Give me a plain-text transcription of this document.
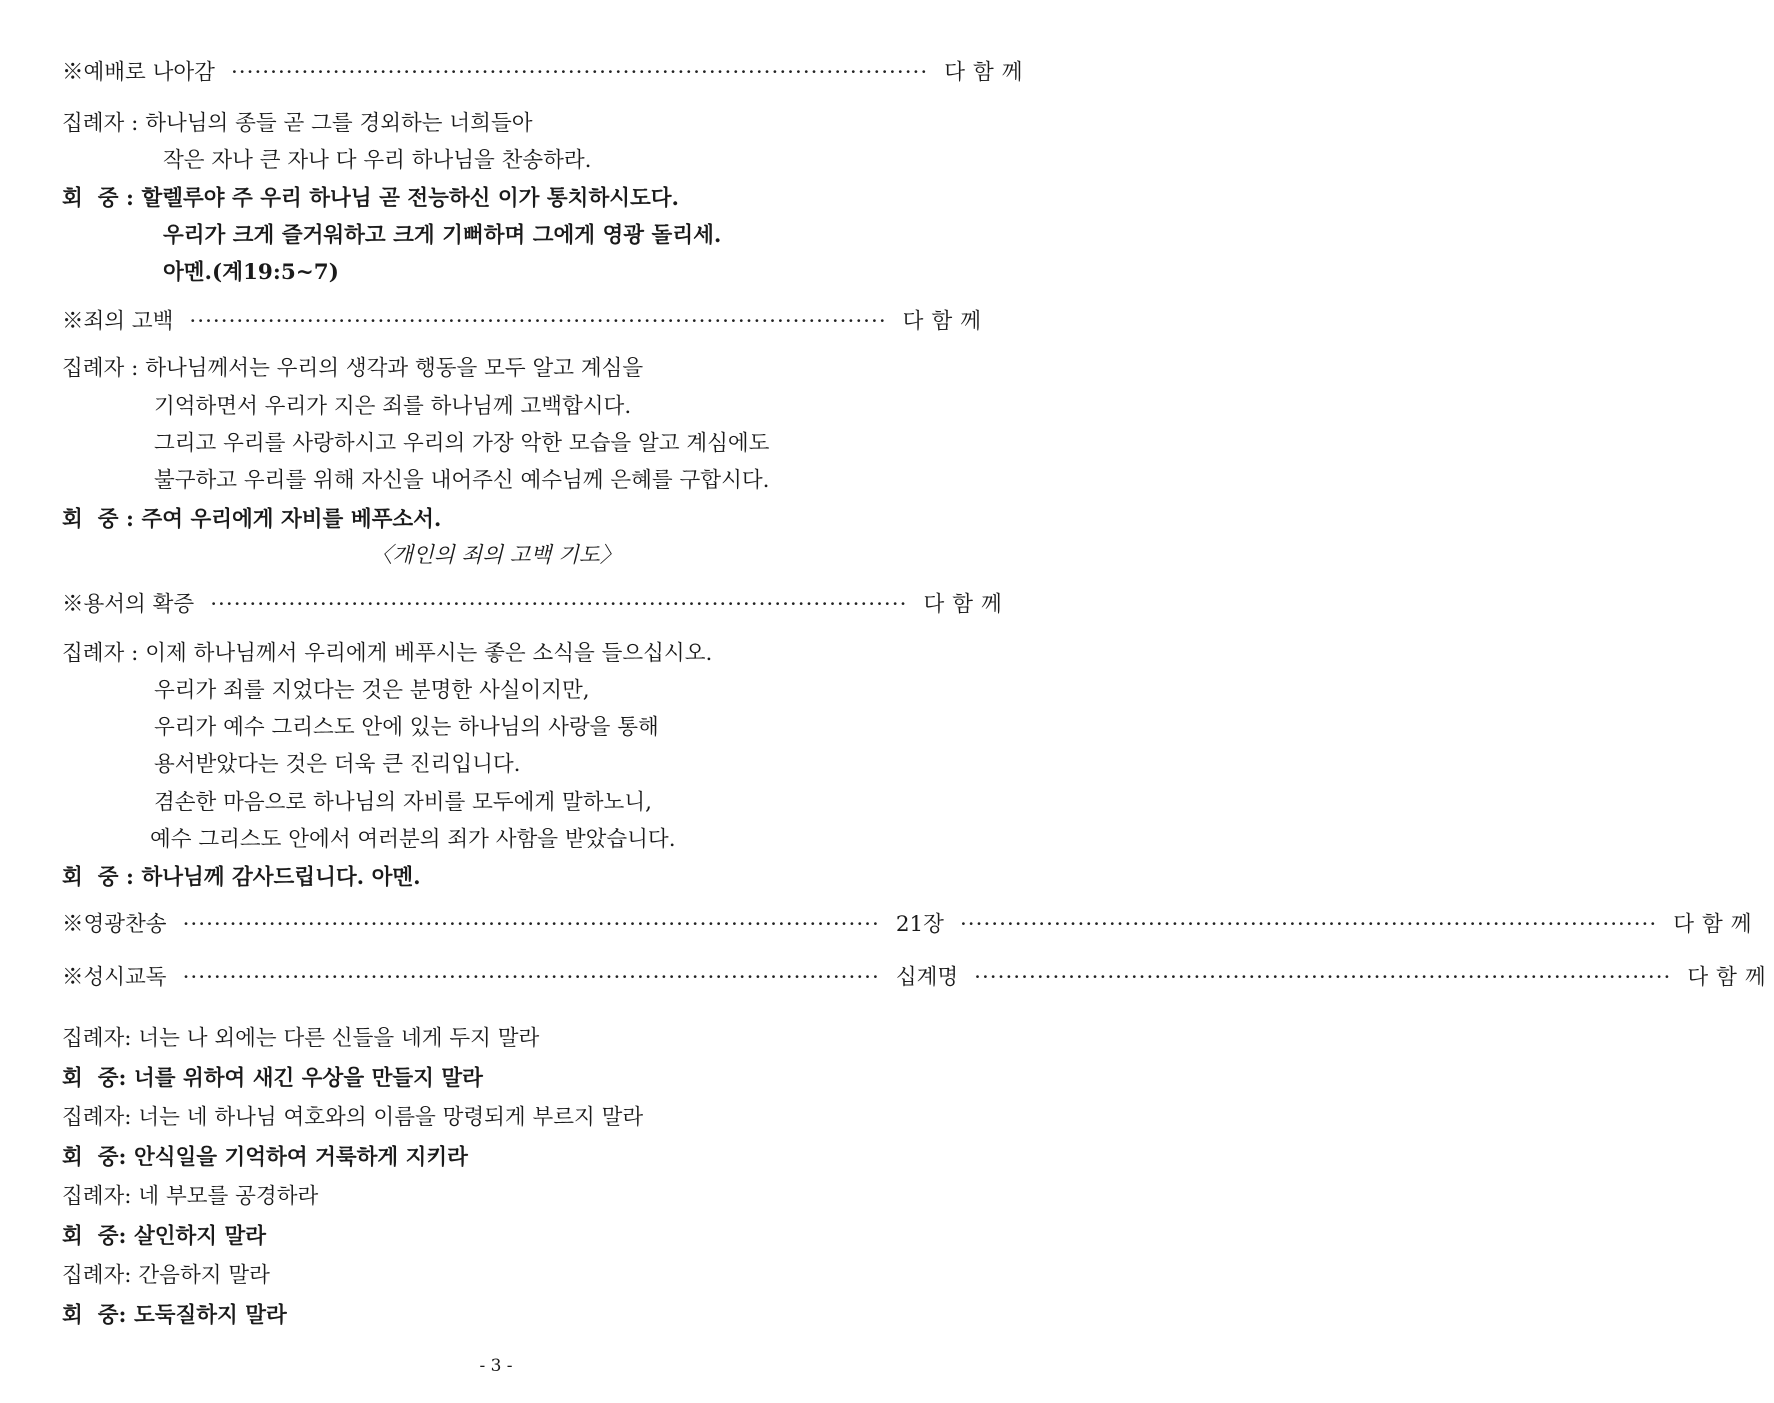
※예배로 나아감 ························································································· 다함께
집례자 : 하나님의 종들 곧 그를 경외하는 너희들아
작은 자나 큰 자나 다 우리 하나님을 찬송하라.
회  중 : 할렐루야 주 우리 하나님 곧 전능하신 이가 통치하시도다.
우리가 크게 즐거워하고 크게 기뻐하며 그에게 영광 돌리세.
아멘.(계19:5~7)
※죄의 고백 ························································································· 다함께
집례자 : 하나님께서는 우리의 생각과 행동을 모두 알고 계심을
기억하면서 우리가 지은 죄를 하나님께 고백합시다.
그리고 우리를 사랑하시고 우리의 가장 악한 모습을 알고 계심에도
불구하고 우리를 위해 자신을 내어주신 예수님께 은혜를 구합시다.
회  중 : 주여 우리에게 자비를 베푸소서.
〈개인의 죄의 고백 기도〉
※용서의 확증 ························································································· 다함께
집례자 : 이제 하나님께서 우리에게 베푸시는 좋은 소식을 들으십시오.
우리가 죄를 지었다는 것은 분명한 사실이지만,
우리가 예수 그리스도 안에 있는 하나님의 사랑을 통해
용서받았다는 것은 더욱 큰 진리입니다.
겸손한 마음으로 하나님의 자비를 모두에게 말하노니,
예수 그리스도 안에서 여러분의 죄가 사함을 받았습니다.
회  중 : 하나님께 감사드립니다. 아멘.
※영광찬송 ························································································· 21장 ························································································· 다함께
※성시교독 ························································································· 십계명 ························································································· 다함께
집례자: 너는 나 외에는 다른 신들을 네게 두지 말라
회  중: 너를 위하여 새긴 우상을 만들지 말라
집례자: 너는 네 하나님 여호와의 이름을 망령되게 부르지 말라
회  중: 안식일을 기억하여 거룩하게 지키라
집례자: 네 부모를 공경하라
회  중: 살인하지 말라
집례자: 간음하지 말라
회  중: 도둑질하지 말라
- 3 -
